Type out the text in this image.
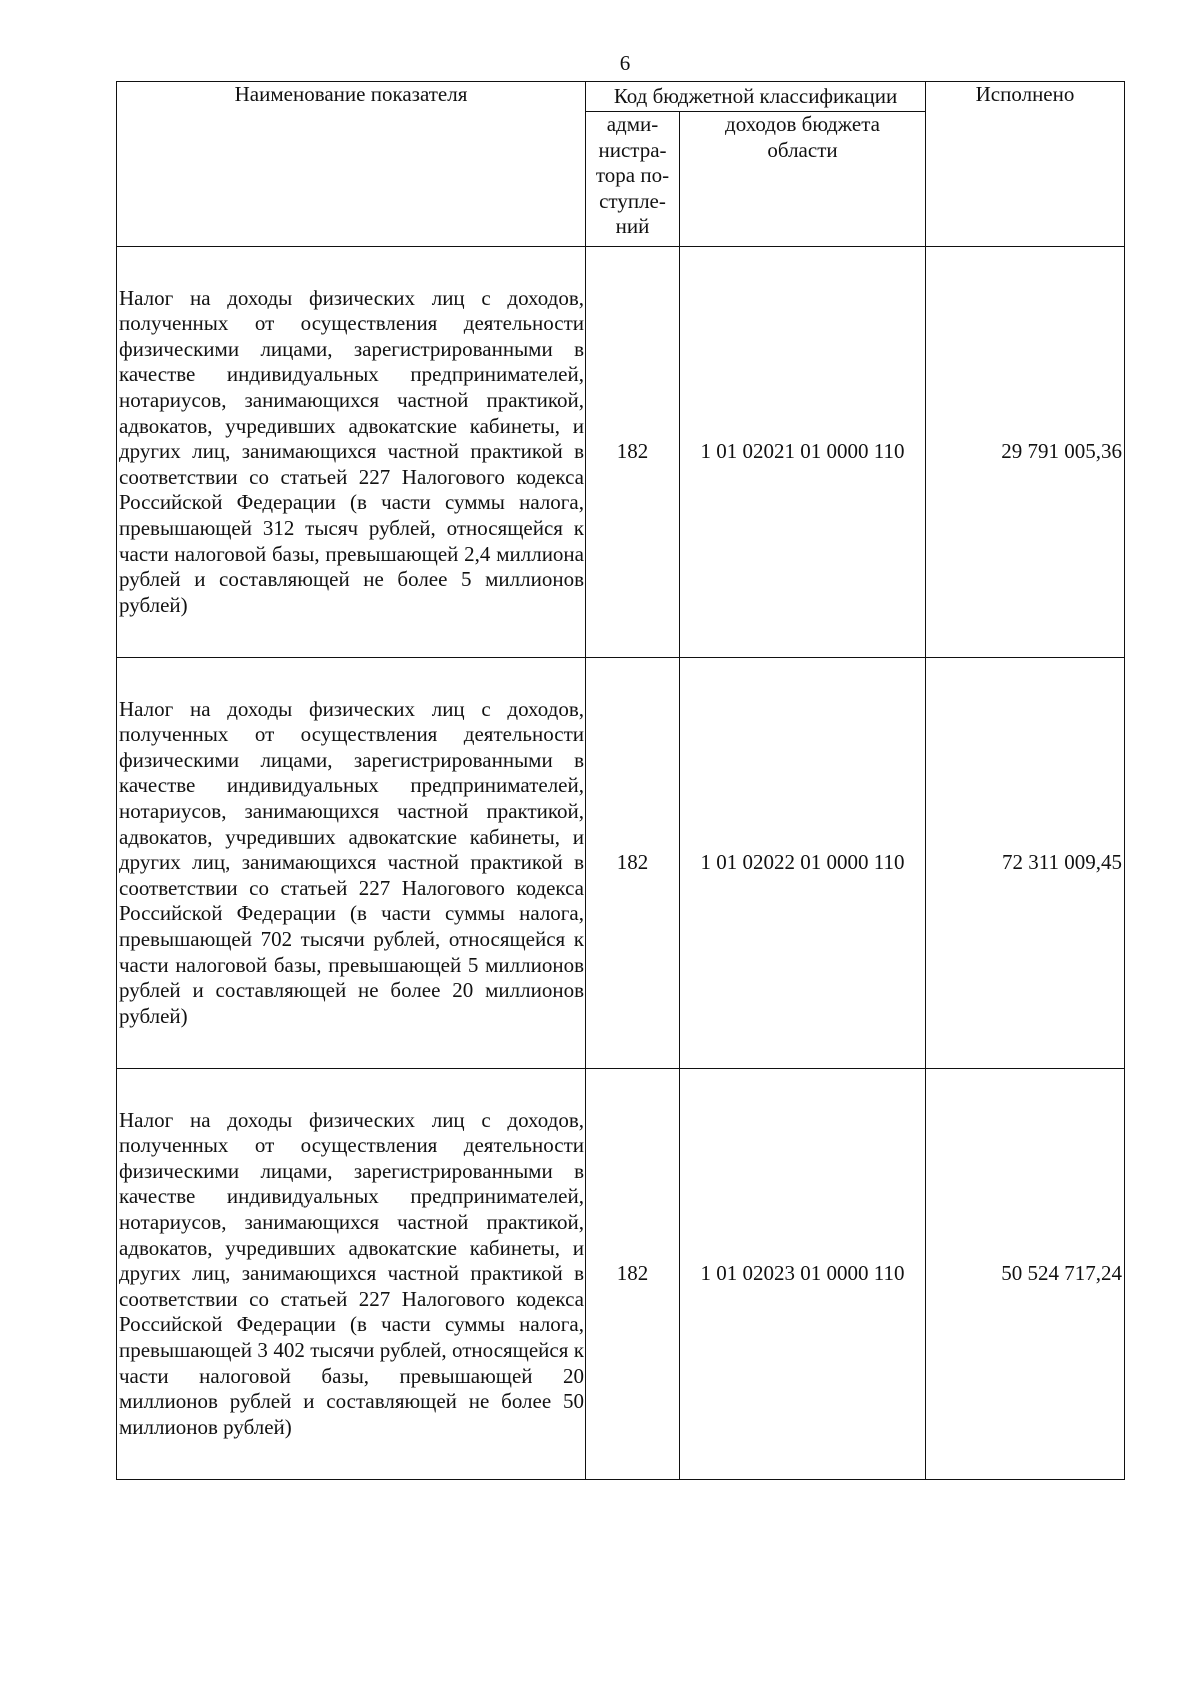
6
Наименование показателя	Код бюджетной классификации		Исполнено

	адми-
нистра-
тора по-
ступле-
ний	доходов бюджета
области	

Налог на доходы физических лиц с доходов, полученных от осуществления деятельности физическими лицами, зарегистрированными в качестве индивидуальных предпринимателей, нотариусов, занимающихся частной практикой, адвокатов, учредивших адвокатские кабинеты, и других лиц, занимающихся частной практикой в соответствии со статьей 227 Налогового кодекса Российской Федерации (в части суммы налога, превышающей 312 тысяч рублей, относящейся к части налоговой базы, превышающей 2,4 миллиона рублей и составляющей не более 5 миллионов рублей)	182	1 01 02021 01 0000 110	29 791 005,36
Налог на доходы физических лиц с доходов, полученных от осуществления деятельности физическими лицами, зарегистрированными в качестве индивидуальных предпринимателей, нотариусов, занимающихся частной практикой, адвокатов, учредивших адвокатские кабинеты, и других лиц, занимающихся частной практикой в соответствии со статьей 227 Налогового кодекса Российской Федерации (в части суммы налога, превышающей 702 тысячи рублей, относящейся к части налоговой базы, превышающей 5 миллионов рублей и составляющей не более 20 миллионов рублей)	182	1 01 02022 01 0000 110	72 311 009,45
Налог на доходы физических лиц с доходов, полученных от осуществления деятельности физическими лицами, зарегистрированными в качестве индивидуальных предпринимателей, нотариусов, занимающихся частной практикой, адвокатов, учредивших адвокатские кабинеты, и других лиц, занимающихся частной практикой в соответствии со статьей 227 Налогового кодекса Российской Федерации (в части суммы налога, превышающей 3 402 тысячи рублей, относящейся к части налоговой базы, превышающей 20 миллионов рублей и составляющей не более 50 миллионов рублей)	182	1 01 02023 01 0000 110	50 524 717,24
